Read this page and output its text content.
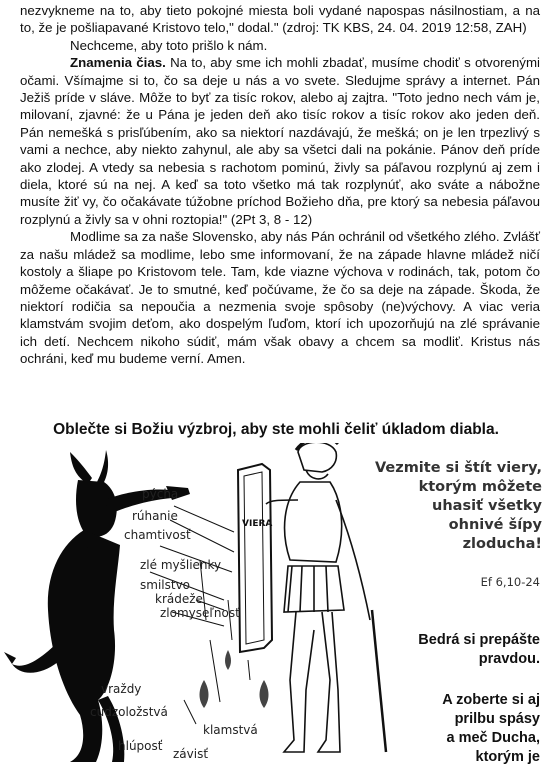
nezvykneme na to, aby tieto pokojné miesta boli vydané napospas násilnostiam, a na to, že je pošliapavané Kristovo telo," dodal." (zdroj: TK KBS, 24. 04. 2019 12:58, ZAH)

Nechceme, aby toto prišlo k nám.

Znamenia čias. Na to, aby sme ich mohli zbadať, musíme chodiť s otvorenými očami. Všímajme si to, čo sa deje u nás a vo svete. Sledujme správy a internet. Pán Ježiš príde v sláve. Môže to byť za tisíc rokov, alebo aj zajtra. "Toto jedno nech vám je, milovaní, zjavné: že u Pána je jeden deň ako tisíc rokov a tisíc rokov ako jeden deň. Pán nemešká s prisľúbením, ako sa niektorí nazdávajú, že mešká; on je len trpezlivý s vami a nechce, aby niekto zahynul, ale aby sa všetci dali na pokánie. Pánov deň príde ako zlodej. A vtedy sa nebesia s rachotom pominú, živly sa páľavou rozplynú aj zem i diela, ktoré sú na nej. A keď sa toto všetko má tak rozplynúť, ako sváte a nábožne musíte žiť vy, čo očakávate túžobne príchod Božieho dňa, pre ktorý sa nebesia páľavou rozplynú a živly sa v ohni roztopia!" (2Pt 3, 8 - 12)

Modlime sa za naše Slovensko, aby nás Pán ochránil od všetkého zlého. Zvlášť za našu mládež sa modlime, lebo sme informovaní, že na západe hlavne mládež ničí kostoly a šliape po Kristovom tele. Tam, kde viazne výchova v rodinách, tak, potom čo môžeme očakávať. Je to smutné, keď počúvame, že čo sa deje na západe. Škoda, že niektorí rodičia sa nepoučia a nezmenia svoje spôsoby (ne)výchovy. A viac veria klamstvám svojim deťom, ako dospelým ľuďom, ktorí ich upozorňujú na zlé správanie ich detí. Nechcem nikoho súdiť, mám však obavy a chcem sa modliť. Kristus nás ochráni, keď mu budeme verní. Amen.

Oblečte si Božiu výzbroj, aby ste mohli čeliť úkladom diabla.
VIERA
pýcha
rúhanie
chamtivosť
zlé myšlienky
smilstvo
krádeže
zlomyseľnosť
vraždy
cudzoložstvá
klamstvá
hlúposť
závisť
Vezmite si štít viery,
ktorým môžete
uhasiť všetky
ohnivé šípy
zloducha!
Ef 6,10-24
Bedrá si prepášte
pravdou.
A zoberte si aj
prilbu spásy
a meč Ducha,
ktorým je
